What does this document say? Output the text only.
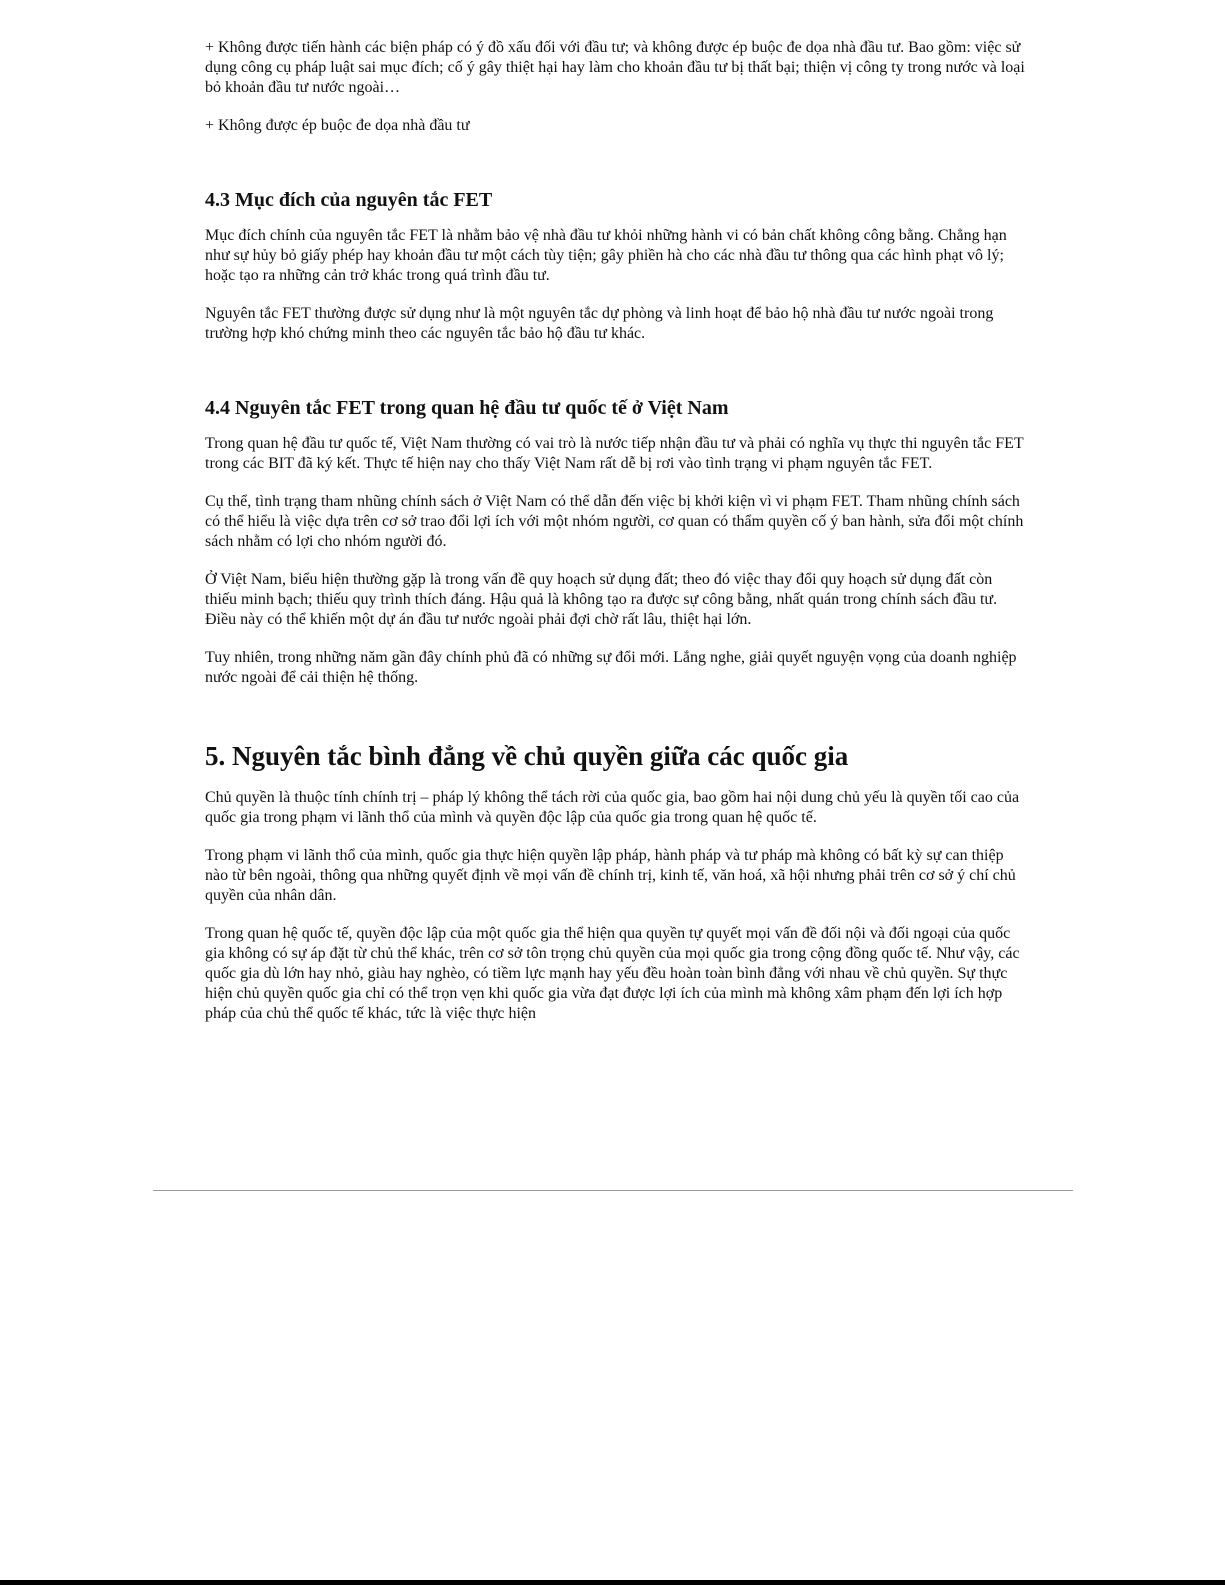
+ Không được tiến hành các biện pháp có ý đồ xấu đối với đầu tư; và không được ép buộc đe dọa nhà đầu tư. Bao gồm: việc sử dụng công cụ pháp luật sai mục đích; cố ý gây thiệt hại hay làm cho khoản đầu tư bị thất bại; thiện vị công ty trong nước và loại bỏ khoản đầu tư nước ngoài…

+ Không được ép buộc đe dọa nhà đầu tư

4.3 Mục đích của nguyên tắc FET

Mục đích chính của nguyên tắc FET là nhằm bảo vệ nhà đầu tư khỏi những hành vi có bản chất không công bằng. Chẳng hạn như sự hủy bỏ giấy phép hay khoản đầu tư một cách tùy tiện; gây phiền hà cho các nhà đầu tư thông qua các hình phạt vô lý; hoặc tạo ra những cản trở khác trong quá trình đầu tư.

Nguyên tắc FET thường được sử dụng như là một nguyên tắc dự phòng và linh hoạt để bảo hộ nhà đầu tư nước ngoài trong trường hợp khó chứng minh theo các nguyên tắc bảo hộ đầu tư khác.

4.4 Nguyên tắc FET trong quan hệ đầu tư quốc tế ở Việt Nam

Trong quan hệ đầu tư quốc tế, Việt Nam thường có vai trò là nước tiếp nhận đầu tư và phải có nghĩa vụ thực thi nguyên tắc FET trong các BIT đã ký kết. Thực tế hiện nay cho thấy Việt Nam rất dễ bị rơi vào tình trạng vi phạm nguyên tắc FET.

Cụ thể, tình trạng tham nhũng chính sách ở Việt Nam có thể dẫn đến việc bị khởi kiện vì vi phạm FET. Tham nhũng chính sách có thể hiểu là việc dựa trên cơ sở trao đổi lợi ích với một nhóm người, cơ quan có thẩm quyền cố ý ban hành, sửa đổi một chính sách nhằm có lợi cho nhóm người đó.

Ở Việt Nam, biểu hiện thường gặp là trong vấn đề quy hoạch sử dụng đất; theo đó việc thay đổi quy hoạch sử dụng đất còn thiếu minh bạch; thiếu quy trình thích đáng. Hậu quả là không tạo ra được sự công bằng, nhất quán trong chính sách đầu tư. Điều này có thể khiến một dự án đầu tư nước ngoài phải đợi chờ rất lâu, thiệt hại lớn.

Tuy nhiên, trong những năm gần đây chính phủ đã có những sự đổi mới. Lắng nghe, giải quyết nguyện vọng của doanh nghiệp nước ngoài để cải thiện hệ thống.

5. Nguyên tắc bình đẳng về chủ quyền giữa các quốc gia

Chủ quyền là thuộc tính chính trị – pháp lý không thể tách rời của quốc gia, bao gồm hai nội dung chủ yếu là quyền tối cao của quốc gia trong phạm vi lãnh thổ của mình và quyền độc lập của quốc gia trong quan hệ quốc tế.

Trong phạm vi lãnh thổ của mình, quốc gia thực hiện quyền lập pháp, hành pháp và tư pháp mà không có bất kỳ sự can thiệp nào từ bên ngoài, thông qua những quyết định về mọi vấn đề chính trị, kinh tế, văn hoá, xã hội nhưng phải trên cơ sở ý chí chủ quyền của nhân dân.

Trong quan hệ quốc tế, quyền độc lập của một quốc gia thể hiện qua quyền tự quyết mọi vấn đề đối nội và đối ngoại của quốc gia không có sự áp đặt từ chủ thể khác, trên cơ sở tôn trọng chủ quyền của mọi quốc gia trong cộng đồng quốc tế. Như vậy, các quốc gia dù lớn hay nhỏ, giàu hay nghèo, có tiềm lực mạnh hay yếu đều hoàn toàn bình đẳng với nhau về chủ quyền. Sự thực hiện chủ quyền quốc gia chỉ có thể trọn vẹn khi quốc gia vừa đạt được lợi ích của mình mà không xâm phạm đến lợi ích hợp pháp của chủ thể quốc tế khác, tức là việc thực hiện
